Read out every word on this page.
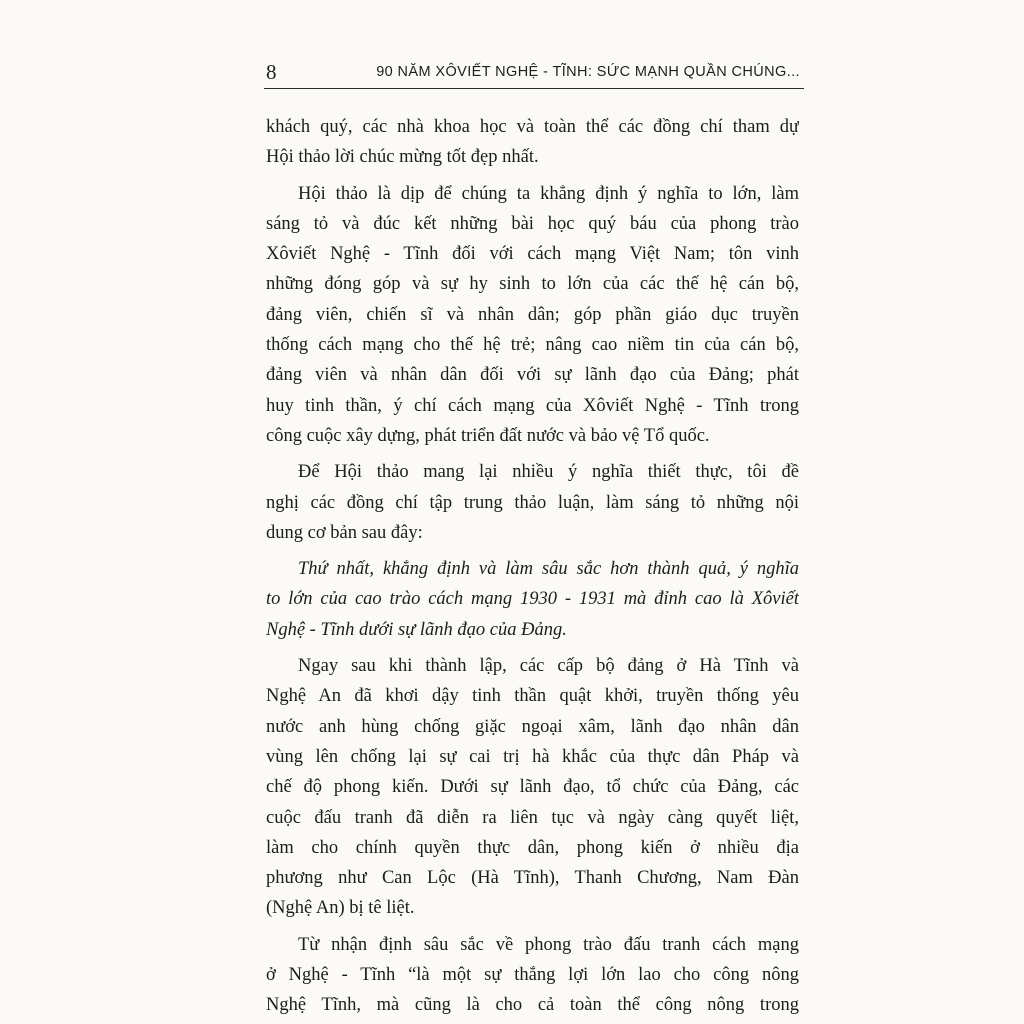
8	90 NĂM XÔVIẾT NGHỆ - TĨNH: SỨC MẠNH QUẦN CHÚNG...
khách quý, các nhà khoa học và toàn thể các đồng chí tham dự
Hội thảo lời chúc mừng tốt đẹp nhất.
Hội thảo là dịp để chúng ta khẳng định ý nghĩa to lớn, làm
sáng tỏ và đúc kết những bài học quý báu của phong trào
Xôviết Nghệ - Tĩnh đối với cách mạng Việt Nam; tôn vinh
những đóng góp và sự hy sinh to lớn của các thế hệ cán bộ,
đảng viên, chiến sĩ và nhân dân; góp phần giáo dục truyền
thống cách mạng cho thế hệ trẻ; nâng cao niềm tin của cán bộ,
đảng viên và nhân dân đối với sự lãnh đạo của Đảng; phát
huy tinh thần, ý chí cách mạng của Xôviết Nghệ - Tĩnh trong
công cuộc xây dựng, phát triển đất nước và bảo vệ Tổ quốc.
Để Hội thảo mang lại nhiều ý nghĩa thiết thực, tôi đề
nghị các đồng chí tập trung thảo luận, làm sáng tỏ những nội
dung cơ bản sau đây:
Thứ nhất, khẳng định và làm sâu sắc hơn thành quả, ý nghĩa
to lớn của cao trào cách mạng 1930 - 1931 mà đỉnh cao là Xôviết
Nghệ - Tĩnh dưới sự lãnh đạo của Đảng.
Ngay sau khi thành lập, các cấp bộ đảng ở Hà Tĩnh và
Nghệ An đã khơi dậy tinh thần quật khởi, truyền thống yêu
nước anh hùng chống giặc ngoại xâm, lãnh đạo nhân dân
vùng lên chống lại sự cai trị hà khắc của thực dân Pháp và
chế độ phong kiến. Dưới sự lãnh đạo, tổ chức của Đảng, các
cuộc đấu tranh đã diễn ra liên tục và ngày càng quyết liệt,
làm cho chính quyền thực dân, phong kiến ở nhiều địa
phương như Can Lộc (Hà Tĩnh), Thanh Chương, Nam Đàn
(Nghệ An) bị tê liệt.
Từ nhận định sâu sắc về phong trào đấu tranh cách mạng
ở Nghệ - Tĩnh “là một sự thắng lợi lớn lao cho công nông
Nghệ Tĩnh, mà cũng là cho cả toàn thể công nông trong
